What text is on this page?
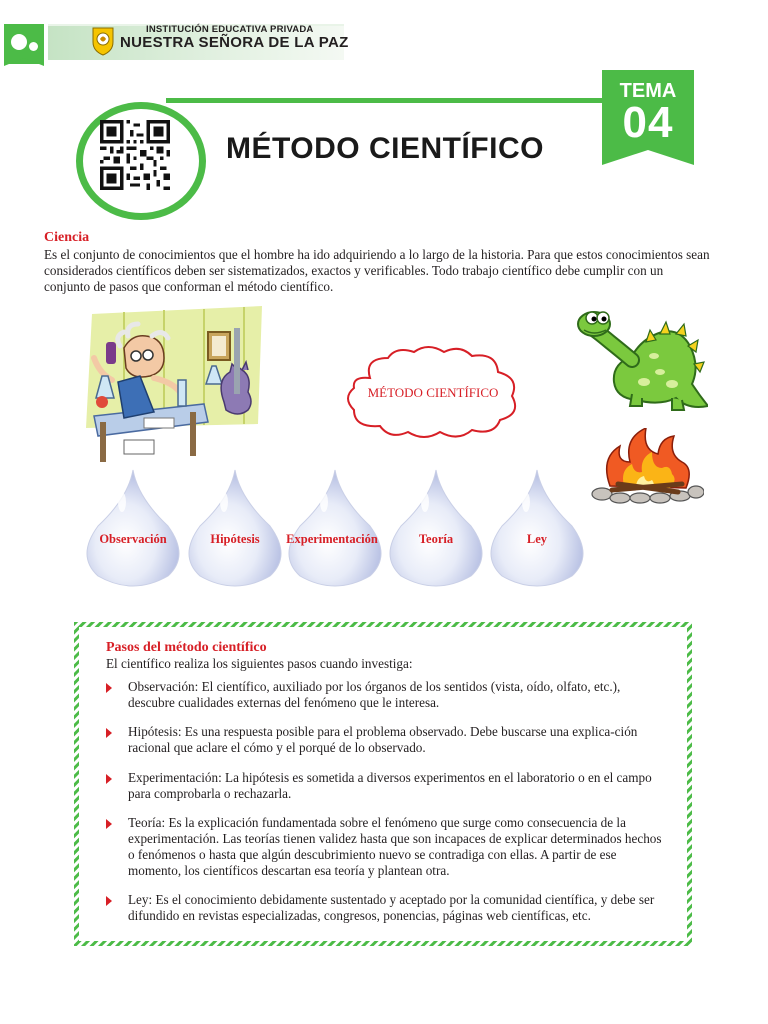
INSTITUCIÓN EDUCATIVA PRIVADA
NUESTRA SEÑORA DE LA PAZ
MÉTODO CIENTÍFICO
TEMA
04
Ciencia

Es el conjunto de conocimientos que el hombre ha ido adquiriendo a lo largo de la historia. Para que estos conocimientos sean considerados científicos deben ser sistematizados, exactos y verificables. Todo trabajo científico debe cumplir con un conjunto de pasos que conforman el método científico.

MÉTODO CIENTÍFICO
Observación	Hipótesis	Experimentación	Teoría	Ley
Pasos del método científico
El científico realiza los siguientes pasos cuando investiga:

Observación: El científico, auxiliado por los órganos de los sentidos (vista, oído, olfato, etc.), descubre cualidades externas del fenómeno que le interesa.

Hipótesis: Es una respuesta posible para el problema observado. Debe buscarse una explica-ción racional que aclare el cómo y el porqué de lo observado.

Experimentación: La hipótesis es sometida a diversos experimentos en el laboratorio o en el campo para comprobarla o rechazarla.

Teoría: Es la explicación fundamentada sobre el fenómeno que surge como consecuencia de la experimentación. Las teorías tienen validez hasta que son incapaces de explicar determinados hechos o fenómenos o hasta que algún descubrimiento nuevo se contradiga con ellas. A partir de ese momento, los científicos descartan esa teoría y plantean otra.

Ley: Es el conocimiento debidamente sustentado y aceptado por la comunidad científica, y debe ser difundido en revistas especializadas, congresos, ponencias, páginas web científicas, etc.
